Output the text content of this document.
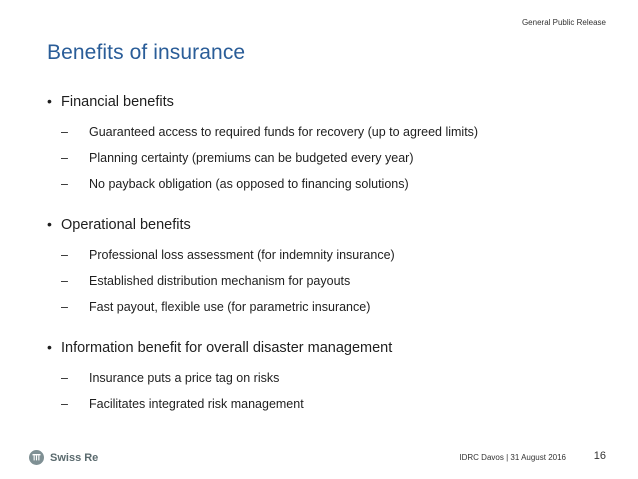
General Public Release
Benefits of insurance
• Financial benefits
–	Guaranteed access to required funds for recovery (up to agreed limits)
–	Planning certainty (premiums can be budgeted every year)
–	No payback obligation (as opposed to financing solutions)
• Operational benefits
–	Professional loss assessment (for indemnity insurance)
–	Established distribution mechanism for payouts
–	Fast payout, flexible use (for parametric insurance)
• Information benefit for overall disaster management
–	Insurance puts a price tag on risks
–	Facilitates integrated risk management
Swiss Re	IDRC Davos | 31 August 2016	16
